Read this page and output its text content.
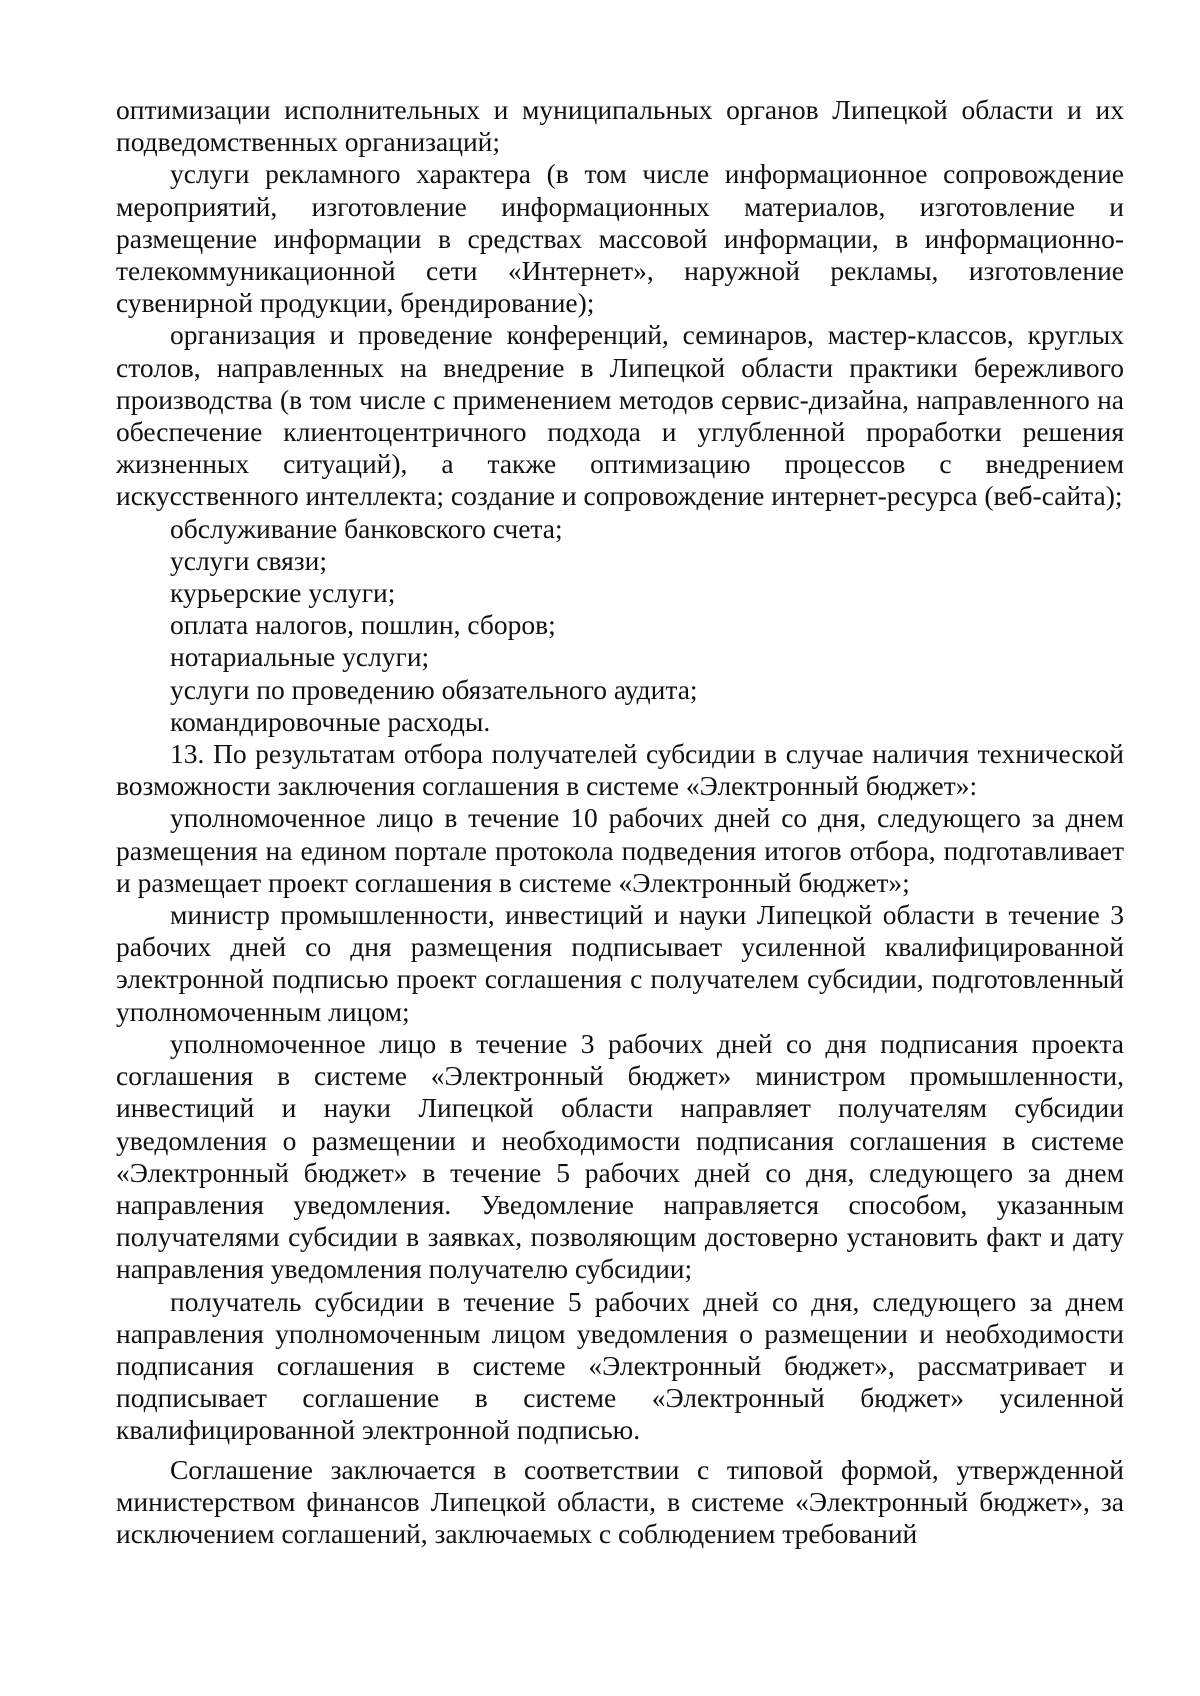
оптимизации исполнительных и муниципальных органов Липецкой области и их подведомственных организаций;

услуги рекламного характера (в том числе информационное сопровождение мероприятий, изготовление информационных материалов, изготовление и размещение информации в средствах массовой информации, в информационно-телекоммуникационной сети «Интернет», наружной рекламы, изготовление сувенирной продукции, брендирование);

организация и проведение конференций, семинаров, мастер-классов, круглых столов, направленных на внедрение в Липецкой области практики бережливого производства (в том числе с применением методов сервис-дизайна, направленного на обеспечение клиентоцентричного подхода и углубленной проработки решения жизненных ситуаций), а также оптимизацию процессов с внедрением искусственного интеллекта; создание и сопровождение интернет-ресурса (веб-сайта);

обслуживание банковского счета;

услуги связи;

курьерские услуги;

оплата налогов, пошлин, сборов;

нотариальные услуги;

услуги по проведению обязательного аудита;

командировочные расходы.

13. По результатам отбора получателей субсидии в случае наличия технической возможности заключения соглашения в системе «Электронный бюджет»:

уполномоченное лицо в течение 10 рабочих дней со дня, следующего за днем размещения на едином портале протокола подведения итогов отбора, подготавливает и размещает проект соглашения в системе «Электронный бюджет»;

министр промышленности, инвестиций и науки Липецкой области в течение 3 рабочих дней со дня размещения подписывает усиленной квалифицированной электронной подписью проект соглашения с получателем субсидии, подготовленный уполномоченным лицом;

уполномоченное лицо в течение 3 рабочих дней со дня подписания проекта соглашения в системе «Электронный бюджет» министром промышленности, инвестиций и науки Липецкой области направляет получателям субсидии уведомления о размещении и необходимости подписания соглашения в системе «Электронный бюджет» в течение 5 рабочих дней со дня, следующего за днем направления уведомления. Уведомление направляется способом, указанным получателями субсидии в заявках, позволяющим достоверно установить факт и дату направления уведомления получателю субсидии;

получатель субсидии в течение 5 рабочих дней со дня, следующего за днем направления уполномоченным лицом уведомления о размещении и необходимости подписания соглашения в системе «Электронный бюджет», рассматривает и подписывает соглашение в системе «Электронный бюджет» усиленной квалифицированной электронной подписью.

Соглашение заключается в соответствии с типовой формой, утвержденной министерством финансов Липецкой области, в системе «Электронный бюджет», за исключением соглашений, заключаемых с соблюдением требований
